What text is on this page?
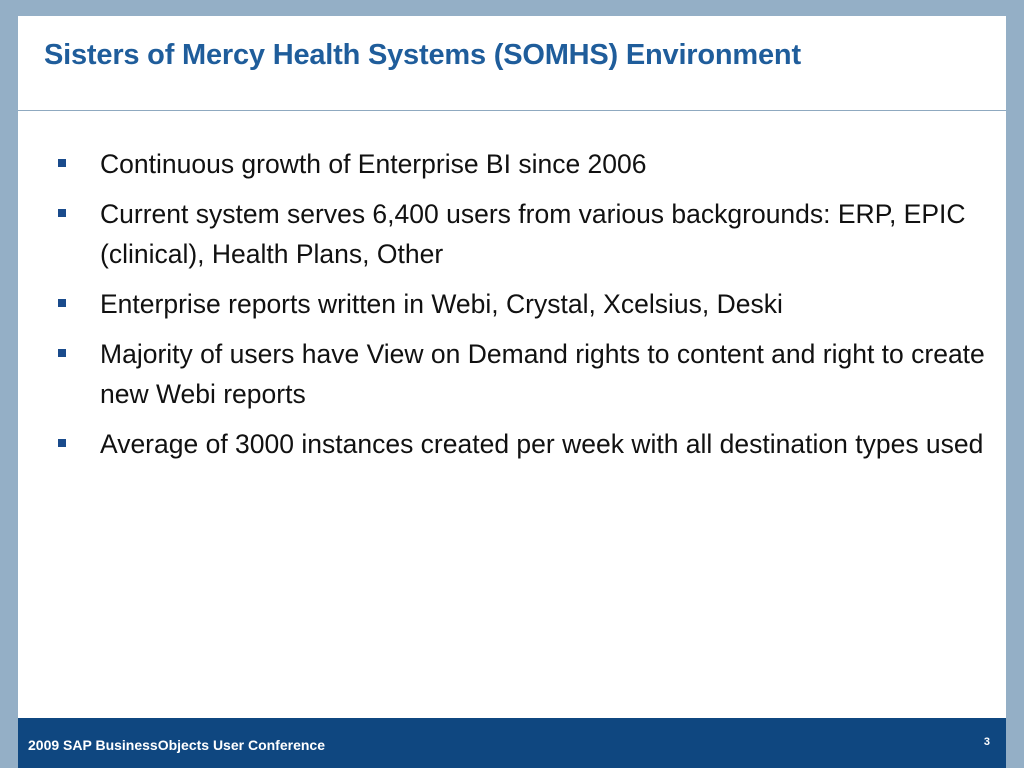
Sisters of Mercy Health Systems (SOMHS) Environment
Continuous growth of Enterprise BI since 2006
Current system serves 6,400 users from various backgrounds: ERP, EPIC (clinical), Health Plans, Other
Enterprise reports written in Webi, Crystal, Xcelsius, Deski
Majority of users have View on Demand rights to content and right to create new Webi reports
Average of 3000 instances created per week with all destination types used
2009 SAP BusinessObjects User Conference	3
